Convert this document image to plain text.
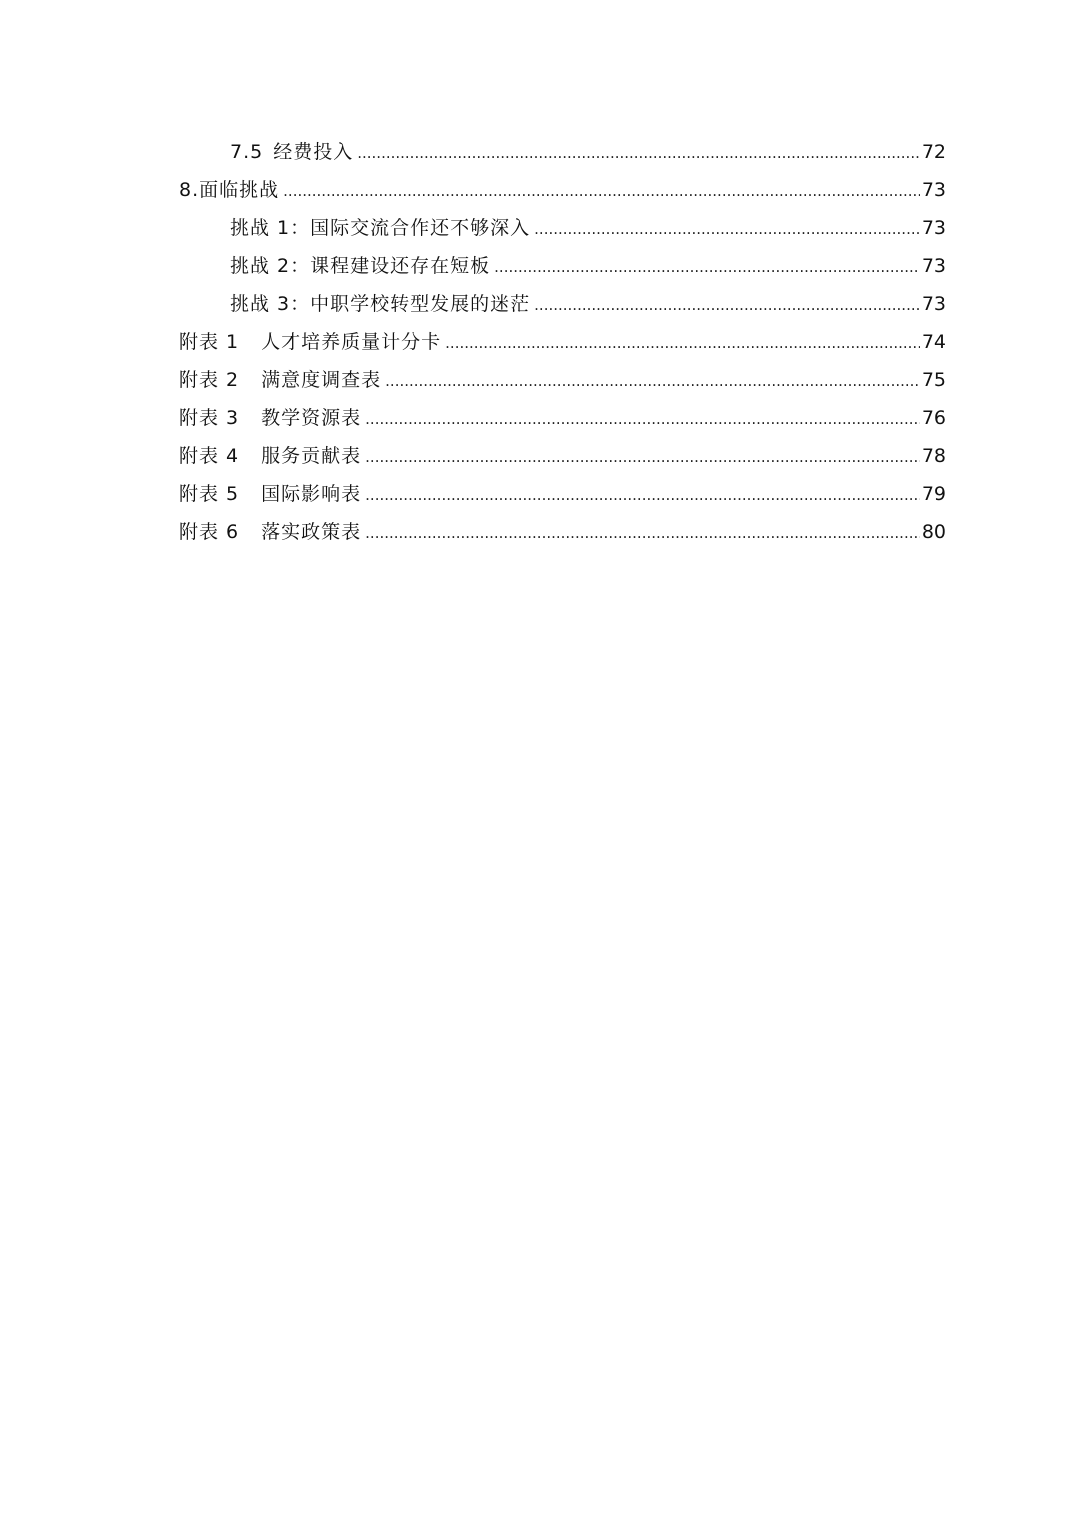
7.5 经费投入 .....	72
8.面临挑战 .....	73
挑战 1：国际交流合作还不够深入 .....	73
挑战 2：课程建设还存在短板 .....	73
挑战 3：中职学校转型发展的迷茫 .....	73
附表 1 人才培养质量计分卡 .....	74
附表 2 满意度调查表 .....	75
附表 3 教学资源表 .....	76
附表 4 服务贡献表 .....	78
附表 5 国际影响表 .....	79
附表 6 落实政策表 .....	80
